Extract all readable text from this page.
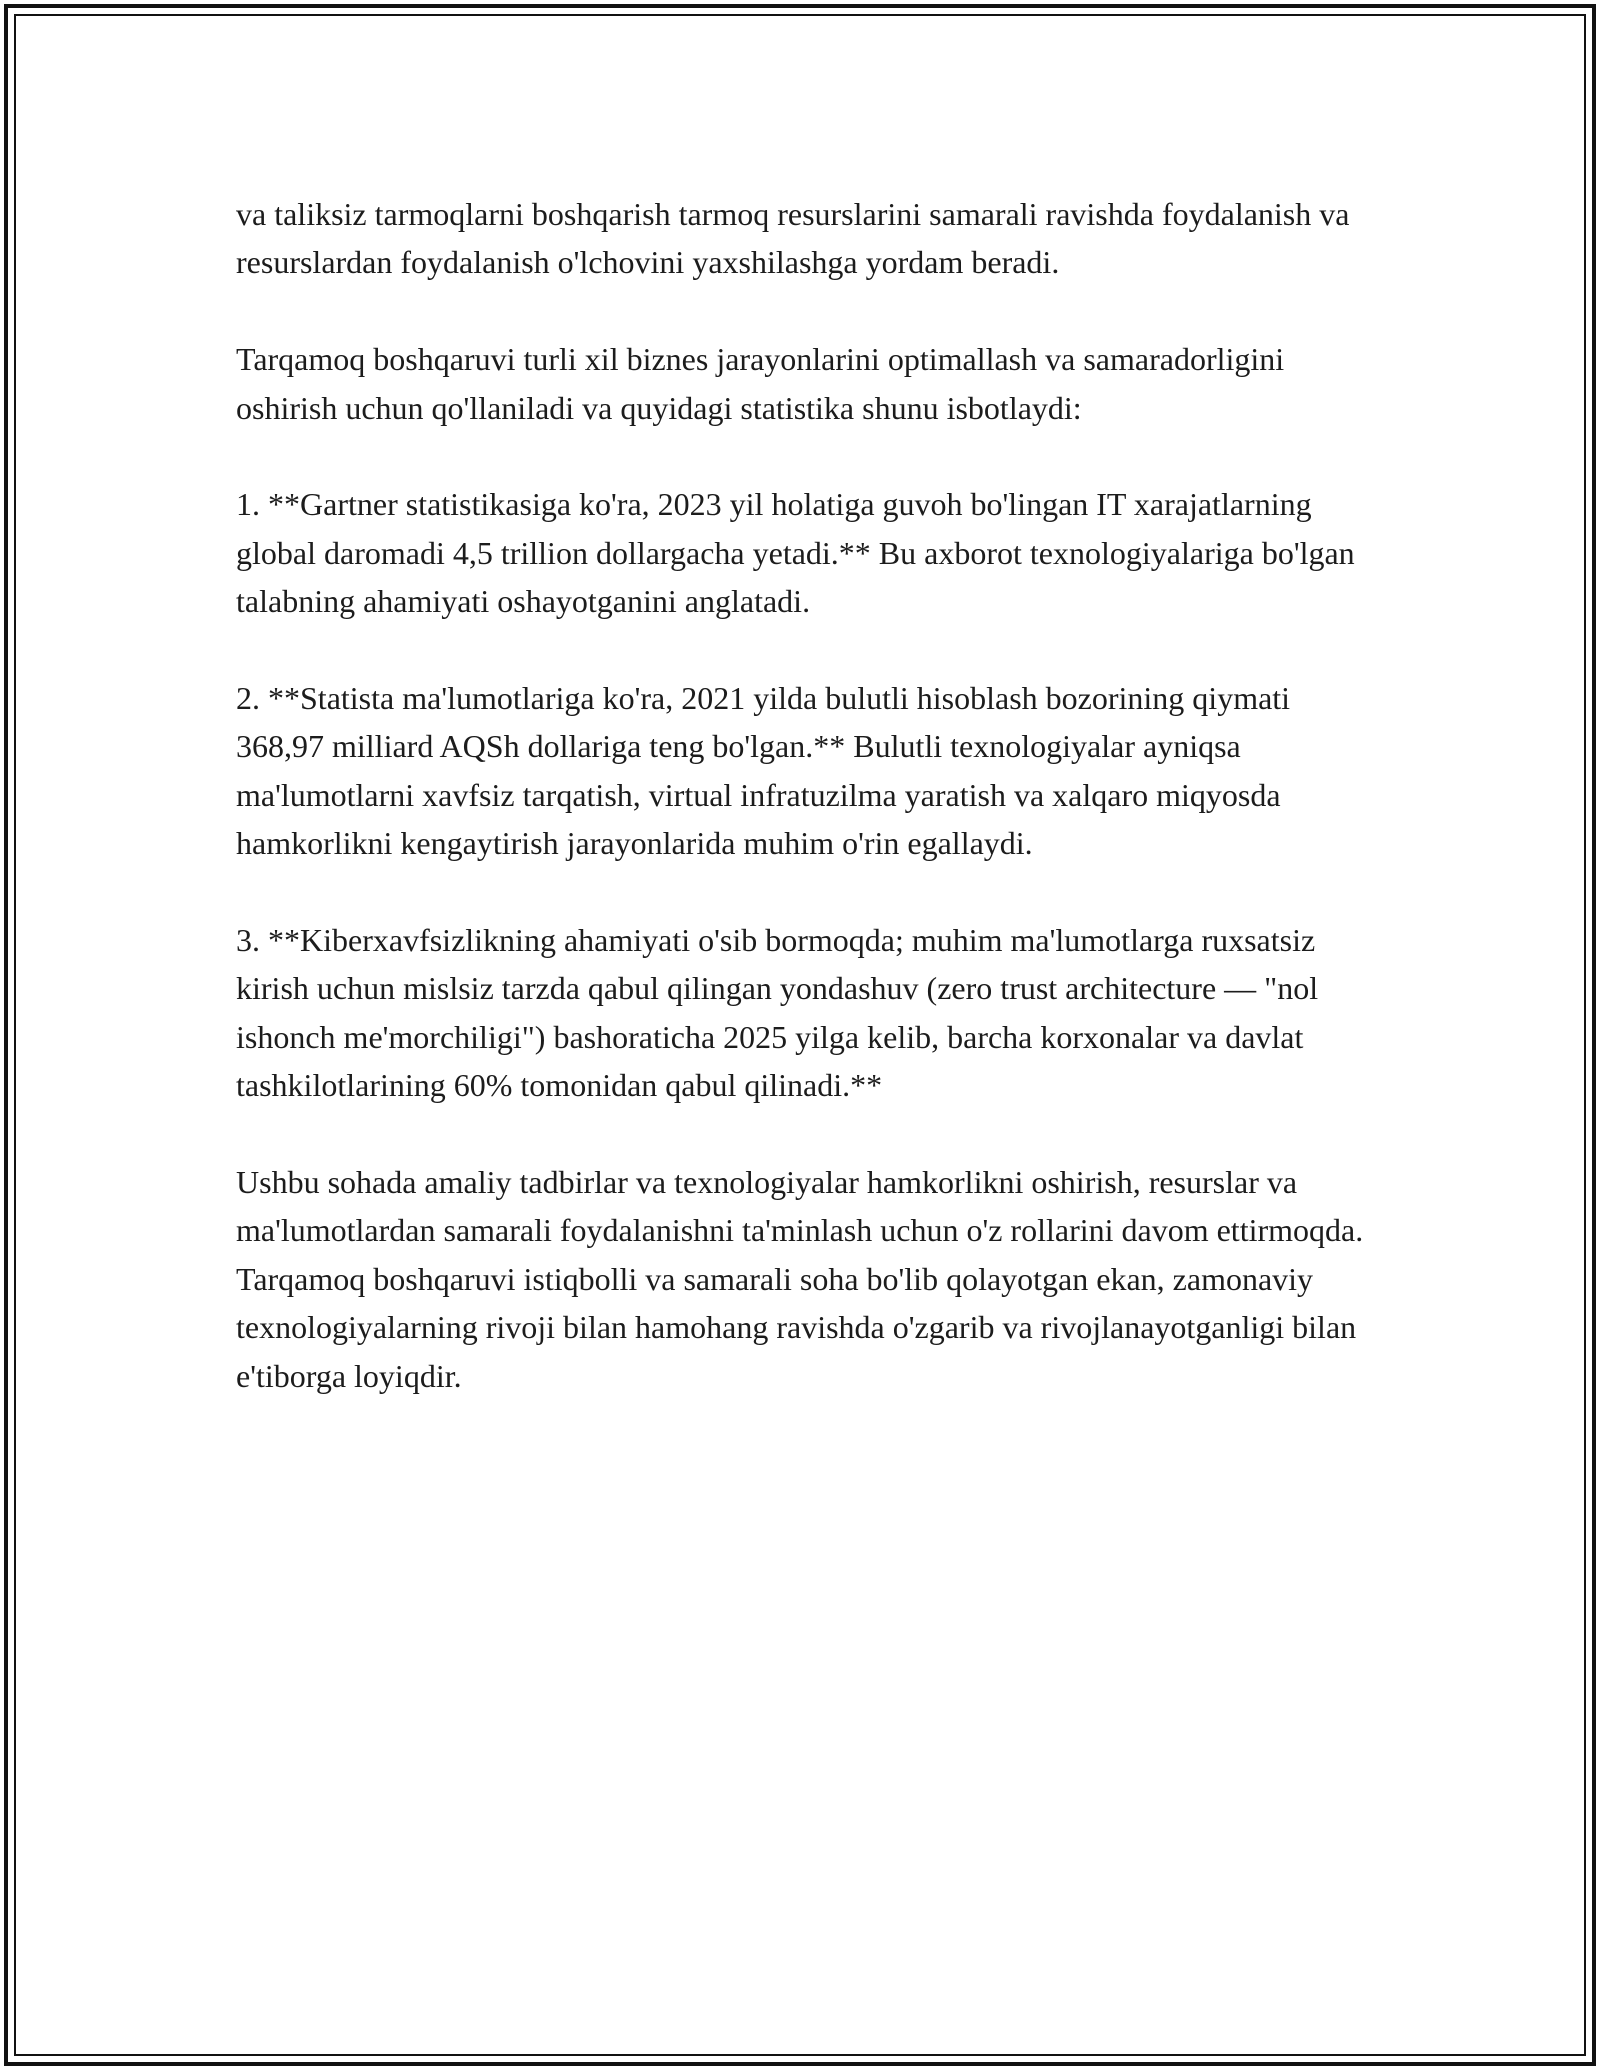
va taliksiz tarmoqlarni boshqarish tarmoq resurslarini samarali ravishda foydalanish va resurslardan foydalanish o'lchovini yaxshilashga yordam beradi.

Tarqamoq boshqaruvi turli xil biznes jarayonlarini optimallash va samaradorligini oshirish uchun qo'llaniladi va quyidagi statistika shunu isbotlaydi:

1. **Gartner statistikasiga ko'ra, 2023 yil holatiga guvoh bo'lingan IT xarajatlarning global daromadi 4,5 trillion dollargacha yetadi.** Bu axborot texnologiyalariga bo'lgan talabning ahamiyati oshayotganini anglatadi.

2. **Statista ma'lumotlariga ko'ra, 2021 yilda bulutli hisoblash bozorining qiymati 368,97 milliard AQSh dollariga teng bo'lgan.** Bulutli texnologiyalar ayniqsa ma'lumotlarni xavfsiz tarqatish, virtual infratuzilma yaratish va xalqaro miqyosda hamkorlikni kengaytirish jarayonlarida muhim o'rin egallaydi.

3. **Kiberxavfsizlikning ahamiyati o'sib bormoqda; muhim ma'lumotlarga ruxsatsiz kirish uchun mislsiz tarzda qabul qilingan yondashuv (zero trust architecture — "nol ishonch me'morchiligi") bashoraticha 2025 yilga kelib, barcha korxonalar va davlat tashkilotlarining 60% tomonidan qabul qilinadi.**

Ushbu sohada amaliy tadbirlar va texnologiyalar hamkorlikni oshirish, resurslar va ma'lumotlardan samarali foydalanishni ta'minlash uchun o'z rollarini davom ettirmoqda. Tarqamoq boshqaruvi istiqbolli va samarali soha bo'lib qolayotgan ekan, zamonaviy texnologiyalarning rivoji bilan hamohang ravishda o'zgarib va rivojlanayotganligi bilan e'tiborga loyiqdir.
